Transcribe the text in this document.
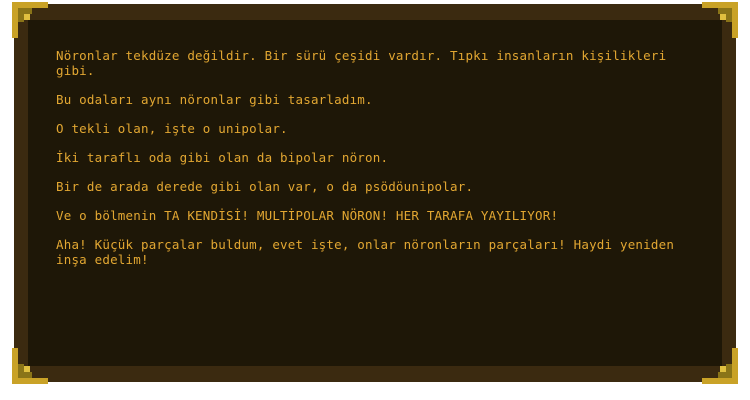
Nöronlar tekdüze değildir. Bir sürü çeşidi vardır. Tıpkı insanların kişilikleri gibi.

Bu odaları aynı nöronlar gibi tasarladım.

O tekli olan, işte o unipolar.

İki taraflı oda gibi olan da bipolar nöron.

Bir de arada derede gibi olan var, o da psödöunipolar.

Ve o bölmenin TA KENDİSİ! MULTİPOLAR NÖRON! HER TARAFA YAYILIYOR!

Aha! Küçük parçalar buldum, evet işte, onlar nöronların parçaları! Haydi yeniden inşa edelim!
